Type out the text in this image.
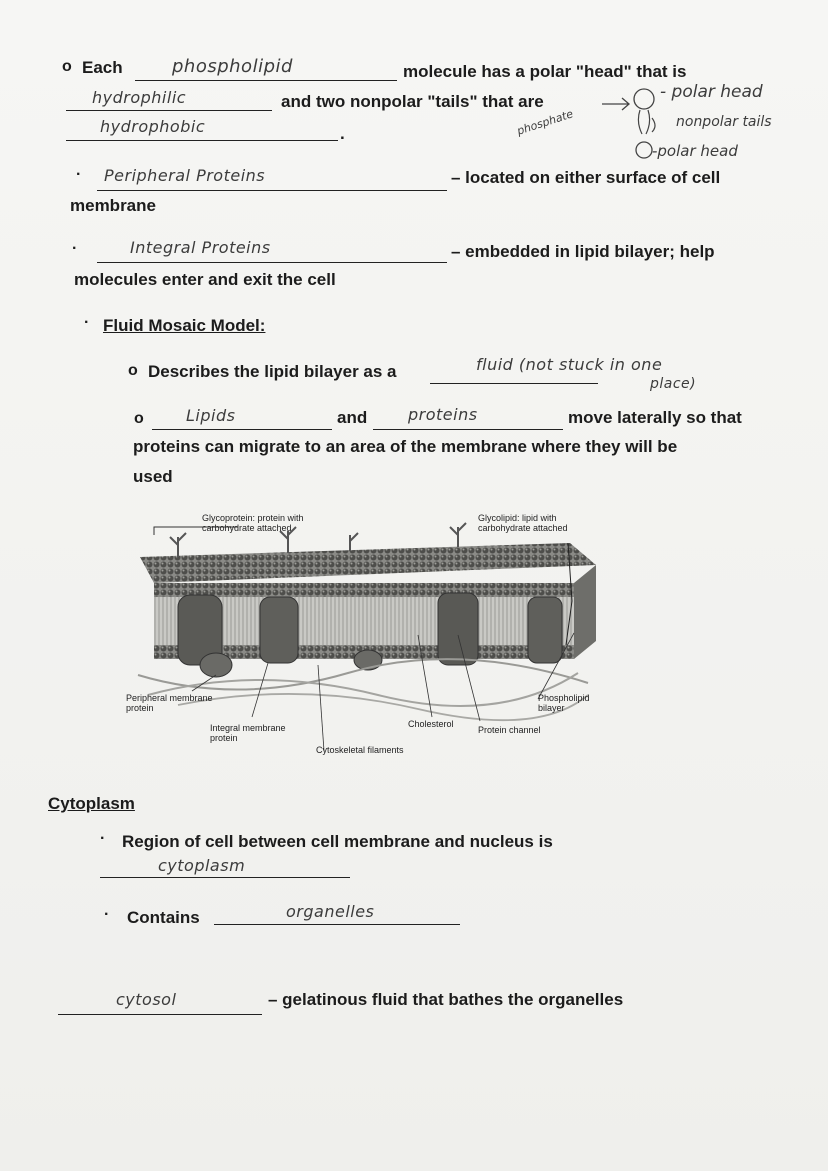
o Each	phospholipid	molecule has a polar "head" that is
hydrophilic	and two nonpolar "tails" that are
hydrophobic	.	phosphate
- polar head
nonpolar tails
-polar head
· Peripheral Proteins	– located on either surface of cell
membrane
·	Integral Proteins	– embedded in lipid bilayer; help
molecules enter and exit the cell
· Fluid Mosaic Model:
o Describes the lipid bilayer as a	fluid (not stuck in one
place)
o	Lipids	and	proteins	move laterally so that
proteins can migrate to an area of the membrane where they will be
used
Glycoprotein: protein with carbohydrate attached
Glycolipid: lipid with carbohydrate attached
Peripheral membrane protein
Integral membrane protein
Cholesterol
Cytoskeletal filaments
Protein channel
Phospholipid bilayer
Cytoplasm
· Region of cell between cell membrane and nucleus is
cytoplasm
· Contains	organelles
cytosol	– gelatinous fluid that bathes the organelles
